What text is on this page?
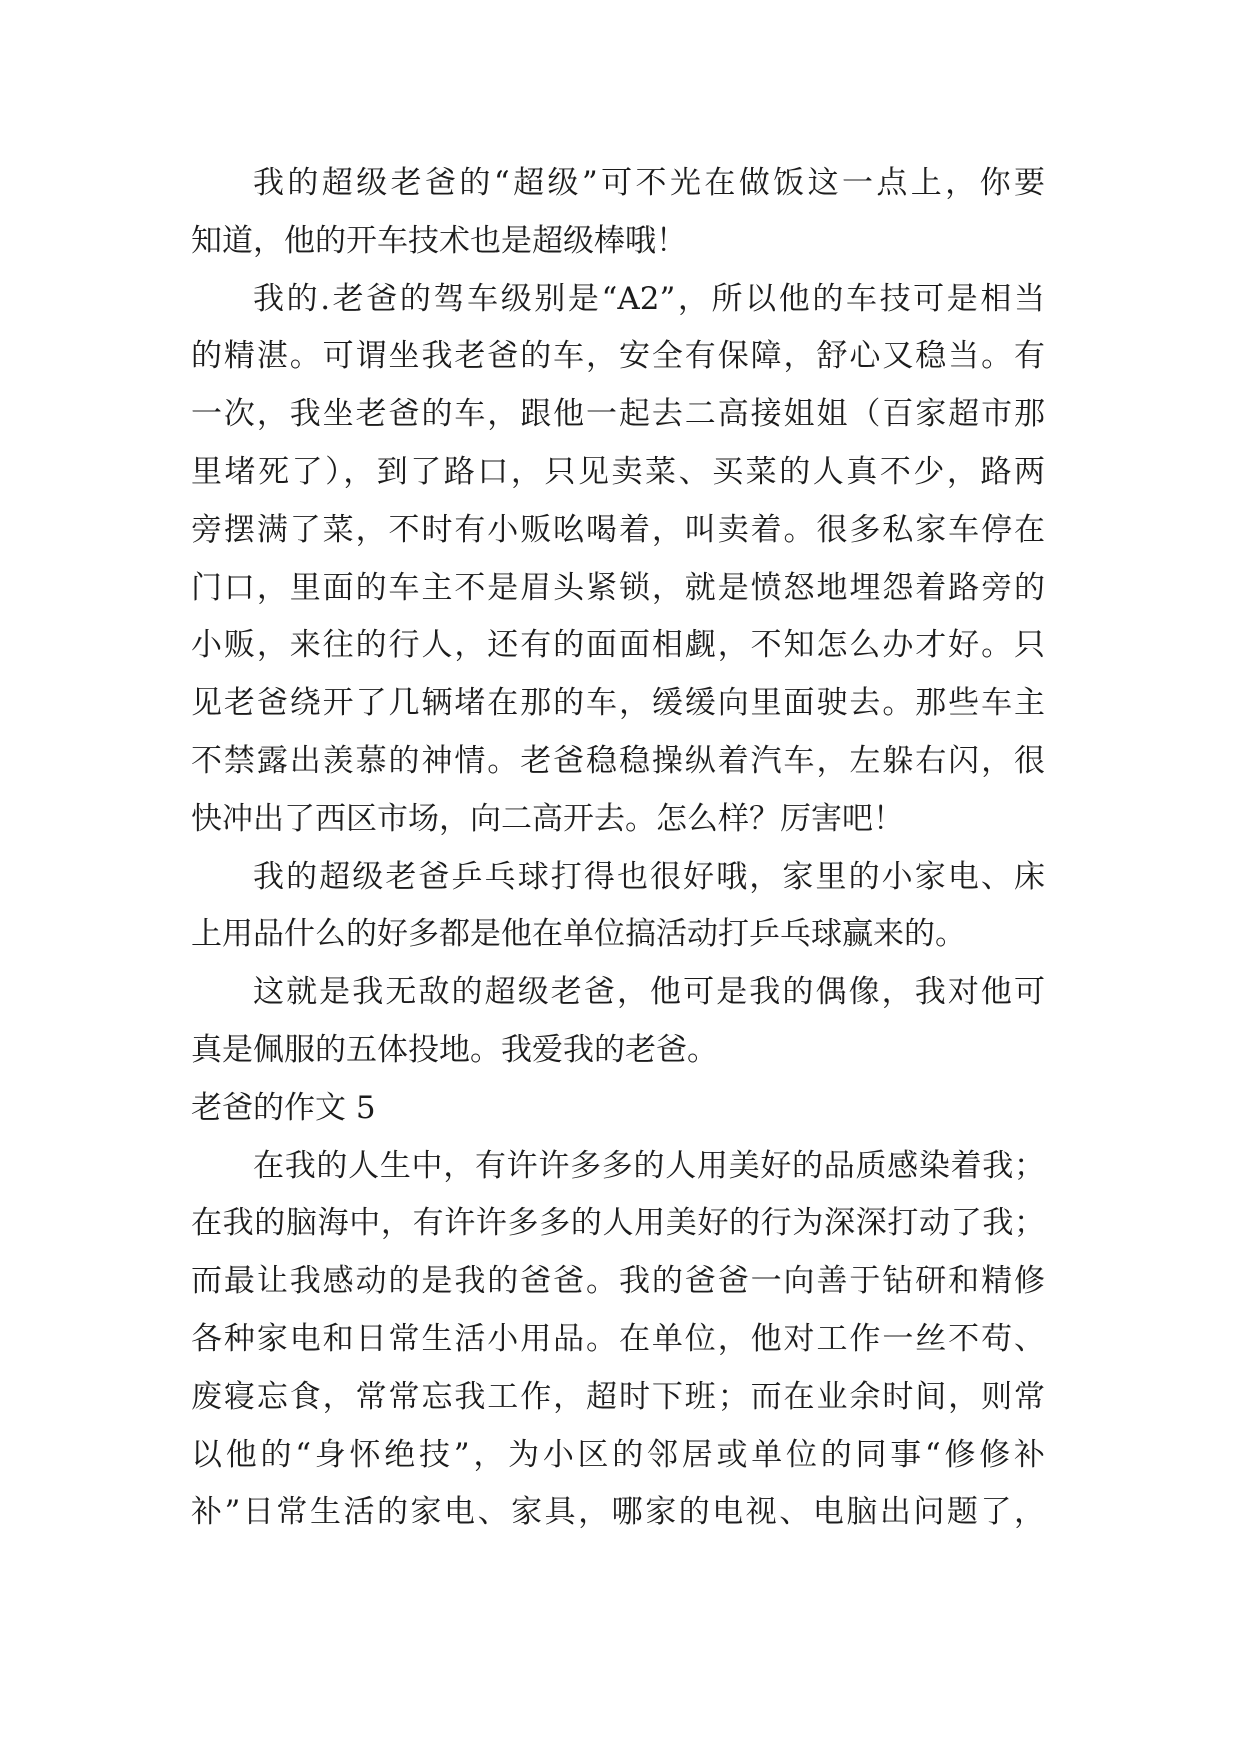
我的超级老爸的“超级”可不光在做饭这一点上，你要
知道，他的开车技术也是超级棒哦！
我的.老爸的驾车级别是“A2”，所以他的车技可是相当
的精湛。可谓坐我老爸的车，安全有保障，舒心又稳当。有
一次，我坐老爸的车，跟他一起去二高接姐姐（百家超市那
里堵死了），到了路口，只见卖菜、买菜的人真不少，路两
旁摆满了菜，不时有小贩吆喝着，叫卖着。很多私家车停在
门口，里面的车主不是眉头紧锁，就是愤怒地埋怨着路旁的
小贩，来往的行人，还有的面面相觑，不知怎么办才好。只
见老爸绕开了几辆堵在那的车，缓缓向里面驶去。那些车主
不禁露出羡慕的神情。老爸稳稳操纵着汽车，左躲右闪，很
快冲出了西区市场，向二高开去。怎么样？厉害吧！
我的超级老爸乒乓球打得也很好哦，家里的小家电、床
上用品什么的好多都是他在单位搞活动打乒乓球赢来的。
这就是我无敌的超级老爸，他可是我的偶像，我对他可
真是佩服的五体投地。我爱我的老爸。
老爸的作文 5
在我的人生中，有许许多多的人用美好的品质感染着我；
在我的脑海中，有许许多多的人用美好的行为深深打动了我；
而最让我感动的是我的爸爸。我的爸爸一向善于钻研和精修
各种家电和日常生活小用品。在单位，他对工作一丝不苟、
废寝忘食，常常忘我工作，超时下班；而在业余时间，则常
以他的“身怀绝技”，为小区的邻居或单位的同事“修修补
补”日常生活的家电、家具，哪家的电视、电脑出问题了，
